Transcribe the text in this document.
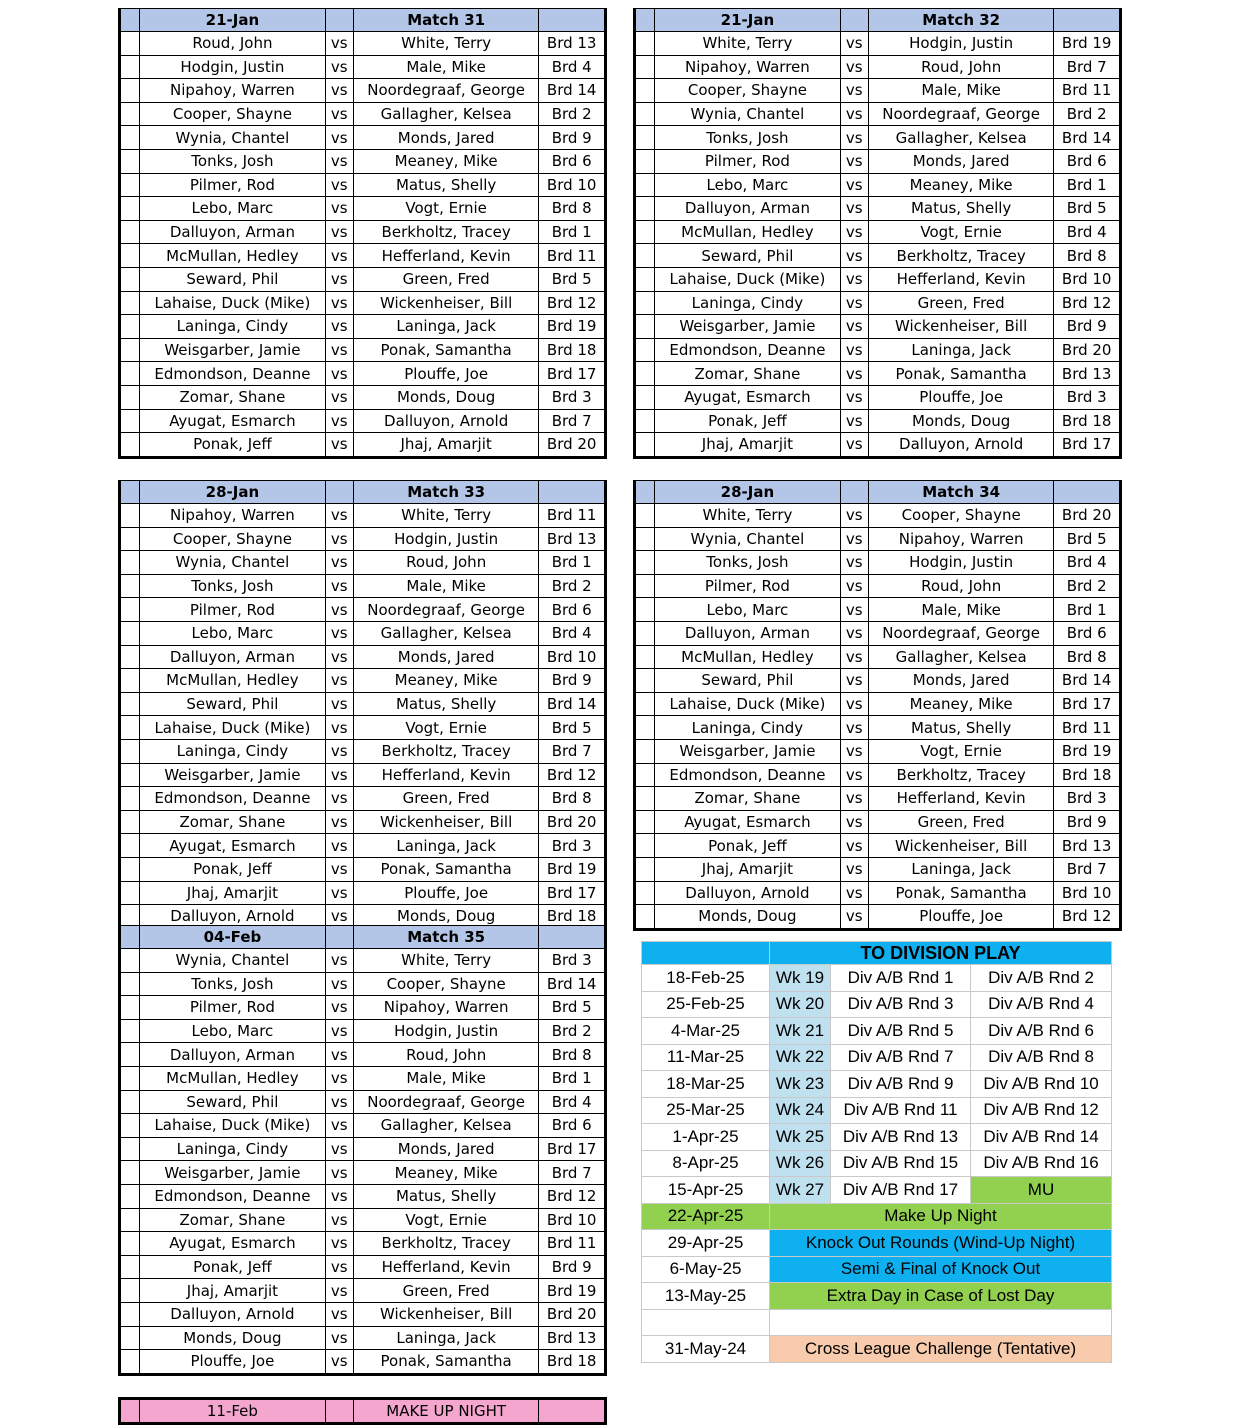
	21-Jan		Match 31	
	Roud, John	vs	White, Terry	Brd 13
	Hodgin, Justin	vs	Male, Mike	Brd 4
	Nipahoy, Warren	vs	Noordegraaf, George	Brd 14
	Cooper, Shayne	vs	Gallagher, Kelsea	Brd 2
	Wynia, Chantel	vs	Monds, Jared	Brd 9
	Tonks, Josh	vs	Meaney, Mike	Brd 6
	Pilmer, Rod	vs	Matus, Shelly	Brd 10
	Lebo, Marc	vs	Vogt, Ernie	Brd 8
	Dalluyon, Arman	vs	Berkholtz, Tracey	Brd 1
	McMullan, Hedley	vs	Hefferland, Kevin	Brd 11
	Seward, Phil	vs	Green, Fred	Brd 5
	Lahaise, Duck (Mike)	vs	Wickenheiser, Bill	Brd 12
	Laninga, Cindy	vs	Laninga, Jack	Brd 19
	Weisgarber, Jamie	vs	Ponak, Samantha	Brd 18
	Edmondson, Deanne	vs	Plouffe, Joe	Brd 17
	Zomar, Shane	vs	Monds, Doug	Brd 3
	Ayugat, Esmarch	vs	Dalluyon, Arnold	Brd 7
	Ponak, Jeff	vs	Jhaj, Amarjit	Brd 20
	21-Jan		Match 32	
	White, Terry	vs	Hodgin, Justin	Brd 19
	Nipahoy, Warren	vs	Roud, John	Brd 7
	Cooper, Shayne	vs	Male, Mike	Brd 11
	Wynia, Chantel	vs	Noordegraaf, George	Brd 2
	Tonks, Josh	vs	Gallagher, Kelsea	Brd 14
	Pilmer, Rod	vs	Monds, Jared	Brd 6
	Lebo, Marc	vs	Meaney, Mike	Brd 1
	Dalluyon, Arman	vs	Matus, Shelly	Brd 5
	McMullan, Hedley	vs	Vogt, Ernie	Brd 4
	Seward, Phil	vs	Berkholtz, Tracey	Brd 8
	Lahaise, Duck (Mike)	vs	Hefferland, Kevin	Brd 10
	Laninga, Cindy	vs	Green, Fred	Brd 12
	Weisgarber, Jamie	vs	Wickenheiser, Bill	Brd 9
	Edmondson, Deanne	vs	Laninga, Jack	Brd 20
	Zomar, Shane	vs	Ponak, Samantha	Brd 13
	Ayugat, Esmarch	vs	Plouffe, Joe	Brd 3
	Ponak, Jeff	vs	Monds, Doug	Brd 18
	Jhaj, Amarjit	vs	Dalluyon, Arnold	Brd 17
	28-Jan		Match 33	
	Nipahoy, Warren	vs	White, Terry	Brd 11
	Cooper, Shayne	vs	Hodgin, Justin	Brd 13
	Wynia, Chantel	vs	Roud, John	Brd 1
	Tonks, Josh	vs	Male, Mike	Brd 2
	Pilmer, Rod	vs	Noordegraaf, George	Brd 6
	Lebo, Marc	vs	Gallagher, Kelsea	Brd 4
	Dalluyon, Arman	vs	Monds, Jared	Brd 10
	McMullan, Hedley	vs	Meaney, Mike	Brd 9
	Seward, Phil	vs	Matus, Shelly	Brd 14
	Lahaise, Duck (Mike)	vs	Vogt, Ernie	Brd 5
	Laninga, Cindy	vs	Berkholtz, Tracey	Brd 7
	Weisgarber, Jamie	vs	Hefferland, Kevin	Brd 12
	Edmondson, Deanne	vs	Green, Fred	Brd 8
	Zomar, Shane	vs	Wickenheiser, Bill	Brd 20
	Ayugat, Esmarch	vs	Laninga, Jack	Brd 3
	Ponak, Jeff	vs	Ponak, Samantha	Brd 19
	Jhaj, Amarjit	vs	Plouffe, Joe	Brd 17
	Dalluyon, Arnold	vs	Monds, Doug	Brd 18
	28-Jan		Match 34	
	White, Terry	vs	Cooper, Shayne	Brd 20
	Wynia, Chantel	vs	Nipahoy, Warren	Brd 5
	Tonks, Josh	vs	Hodgin, Justin	Brd 4
	Pilmer, Rod	vs	Roud, John	Brd 2
	Lebo, Marc	vs	Male, Mike	Brd 1
	Dalluyon, Arman	vs	Noordegraaf, George	Brd 6
	McMullan, Hedley	vs	Gallagher, Kelsea	Brd 8
	Seward, Phil	vs	Monds, Jared	Brd 14
	Lahaise, Duck (Mike)	vs	Meaney, Mike	Brd 17
	Laninga, Cindy	vs	Matus, Shelly	Brd 11
	Weisgarber, Jamie	vs	Vogt, Ernie	Brd 19
	Edmondson, Deanne	vs	Berkholtz, Tracey	Brd 18
	Zomar, Shane	vs	Hefferland, Kevin	Brd 3
	Ayugat, Esmarch	vs	Green, Fred	Brd 9
	Ponak, Jeff	vs	Wickenheiser, Bill	Brd 13
	Jhaj, Amarjit	vs	Laninga, Jack	Brd 7
	Dalluyon, Arnold	vs	Ponak, Samantha	Brd 10
	Monds, Doug	vs	Plouffe, Joe	Brd 12
	04-Feb		Match 35	
	Wynia, Chantel	vs	White, Terry	Brd 3
	Tonks, Josh	vs	Cooper, Shayne	Brd 14
	Pilmer, Rod	vs	Nipahoy, Warren	Brd 5
	Lebo, Marc	vs	Hodgin, Justin	Brd 2
	Dalluyon, Arman	vs	Roud, John	Brd 8
	McMullan, Hedley	vs	Male, Mike	Brd 1
	Seward, Phil	vs	Noordegraaf, George	Brd 4
	Lahaise, Duck (Mike)	vs	Gallagher, Kelsea	Brd 6
	Laninga, Cindy	vs	Monds, Jared	Brd 17
	Weisgarber, Jamie	vs	Meaney, Mike	Brd 7
	Edmondson, Deanne	vs	Matus, Shelly	Brd 12
	Zomar, Shane	vs	Vogt, Ernie	Brd 10
	Ayugat, Esmarch	vs	Berkholtz, Tracey	Brd 11
	Ponak, Jeff	vs	Hefferland, Kevin	Brd 9
	Jhaj, Amarjit	vs	Green, Fred	Brd 19
	Dalluyon, Arnold	vs	Wickenheiser, Bill	Brd 20
	Monds, Doug	vs	Laninga, Jack	Brd 13
	Plouffe, Joe	vs	Ponak, Samantha	Brd 18
	11-Feb		MAKE UP NIGHT	
	TO DIVISION PLAY		
18-Feb-25	Wk 19	Div A/B Rnd 1	Div A/B Rnd 2
25-Feb-25	Wk 20	Div A/B Rnd 3	Div A/B Rnd 4
4-Mar-25	Wk 21	Div A/B Rnd 5	Div A/B Rnd 6
11-Mar-25	Wk 22	Div A/B Rnd 7	Div A/B Rnd 8
18-Mar-25	Wk 23	Div A/B Rnd 9	Div A/B Rnd 10
25-Mar-25	Wk 24	Div A/B Rnd 11	Div A/B Rnd 12
1-Apr-25	Wk 25	Div A/B Rnd 13	Div A/B Rnd 14
8-Apr-25	Wk 26	Div A/B Rnd 15	Div A/B Rnd 16
15-Apr-25	Wk 27	Div A/B Rnd 17	MU
22-Apr-25	Make Up Night		
29-Apr-25	Knock Out Rounds (Wind-Up Night)		
6-May-25	Semi & Final of Knock Out		
13-May-25	Extra Day in Case of Lost Day		

31-May-24	Cross League Challenge (Tentative)		
